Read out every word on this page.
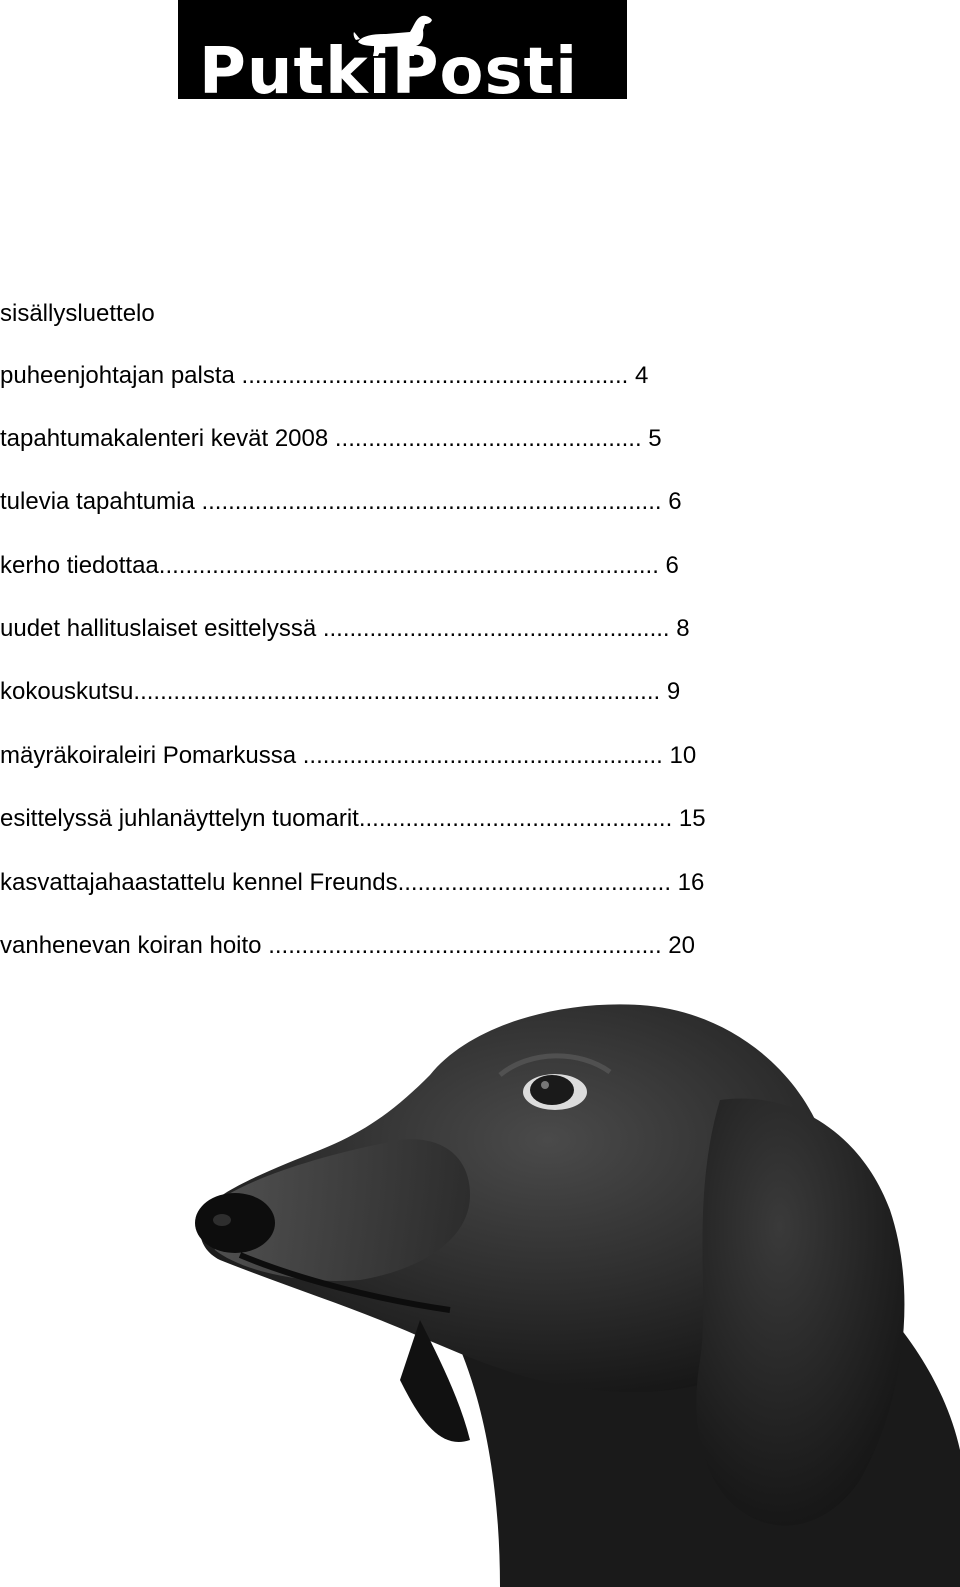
PutkiPosti
sisällysluettelo
puheenjohtajan palsta .......................................................... 4
tapahtumakalenteri kevät 2008 .............................................. 5
tulevia tapahtumia ..................................................................... 6
kerho tiedottaa........................................................................... 6
uudet hallituslaiset esittelyssä .................................................... 8
kokouskutsu............................................................................... 9
mäyräkoiraleiri Pomarkussa ...................................................... 10
esittelyssä juhlanäyttelyn tuomarit............................................... 15
kasvattajahaastattelu kennel Freunds......................................... 16
vanhenevan koiran hoito ........................................................... 20
